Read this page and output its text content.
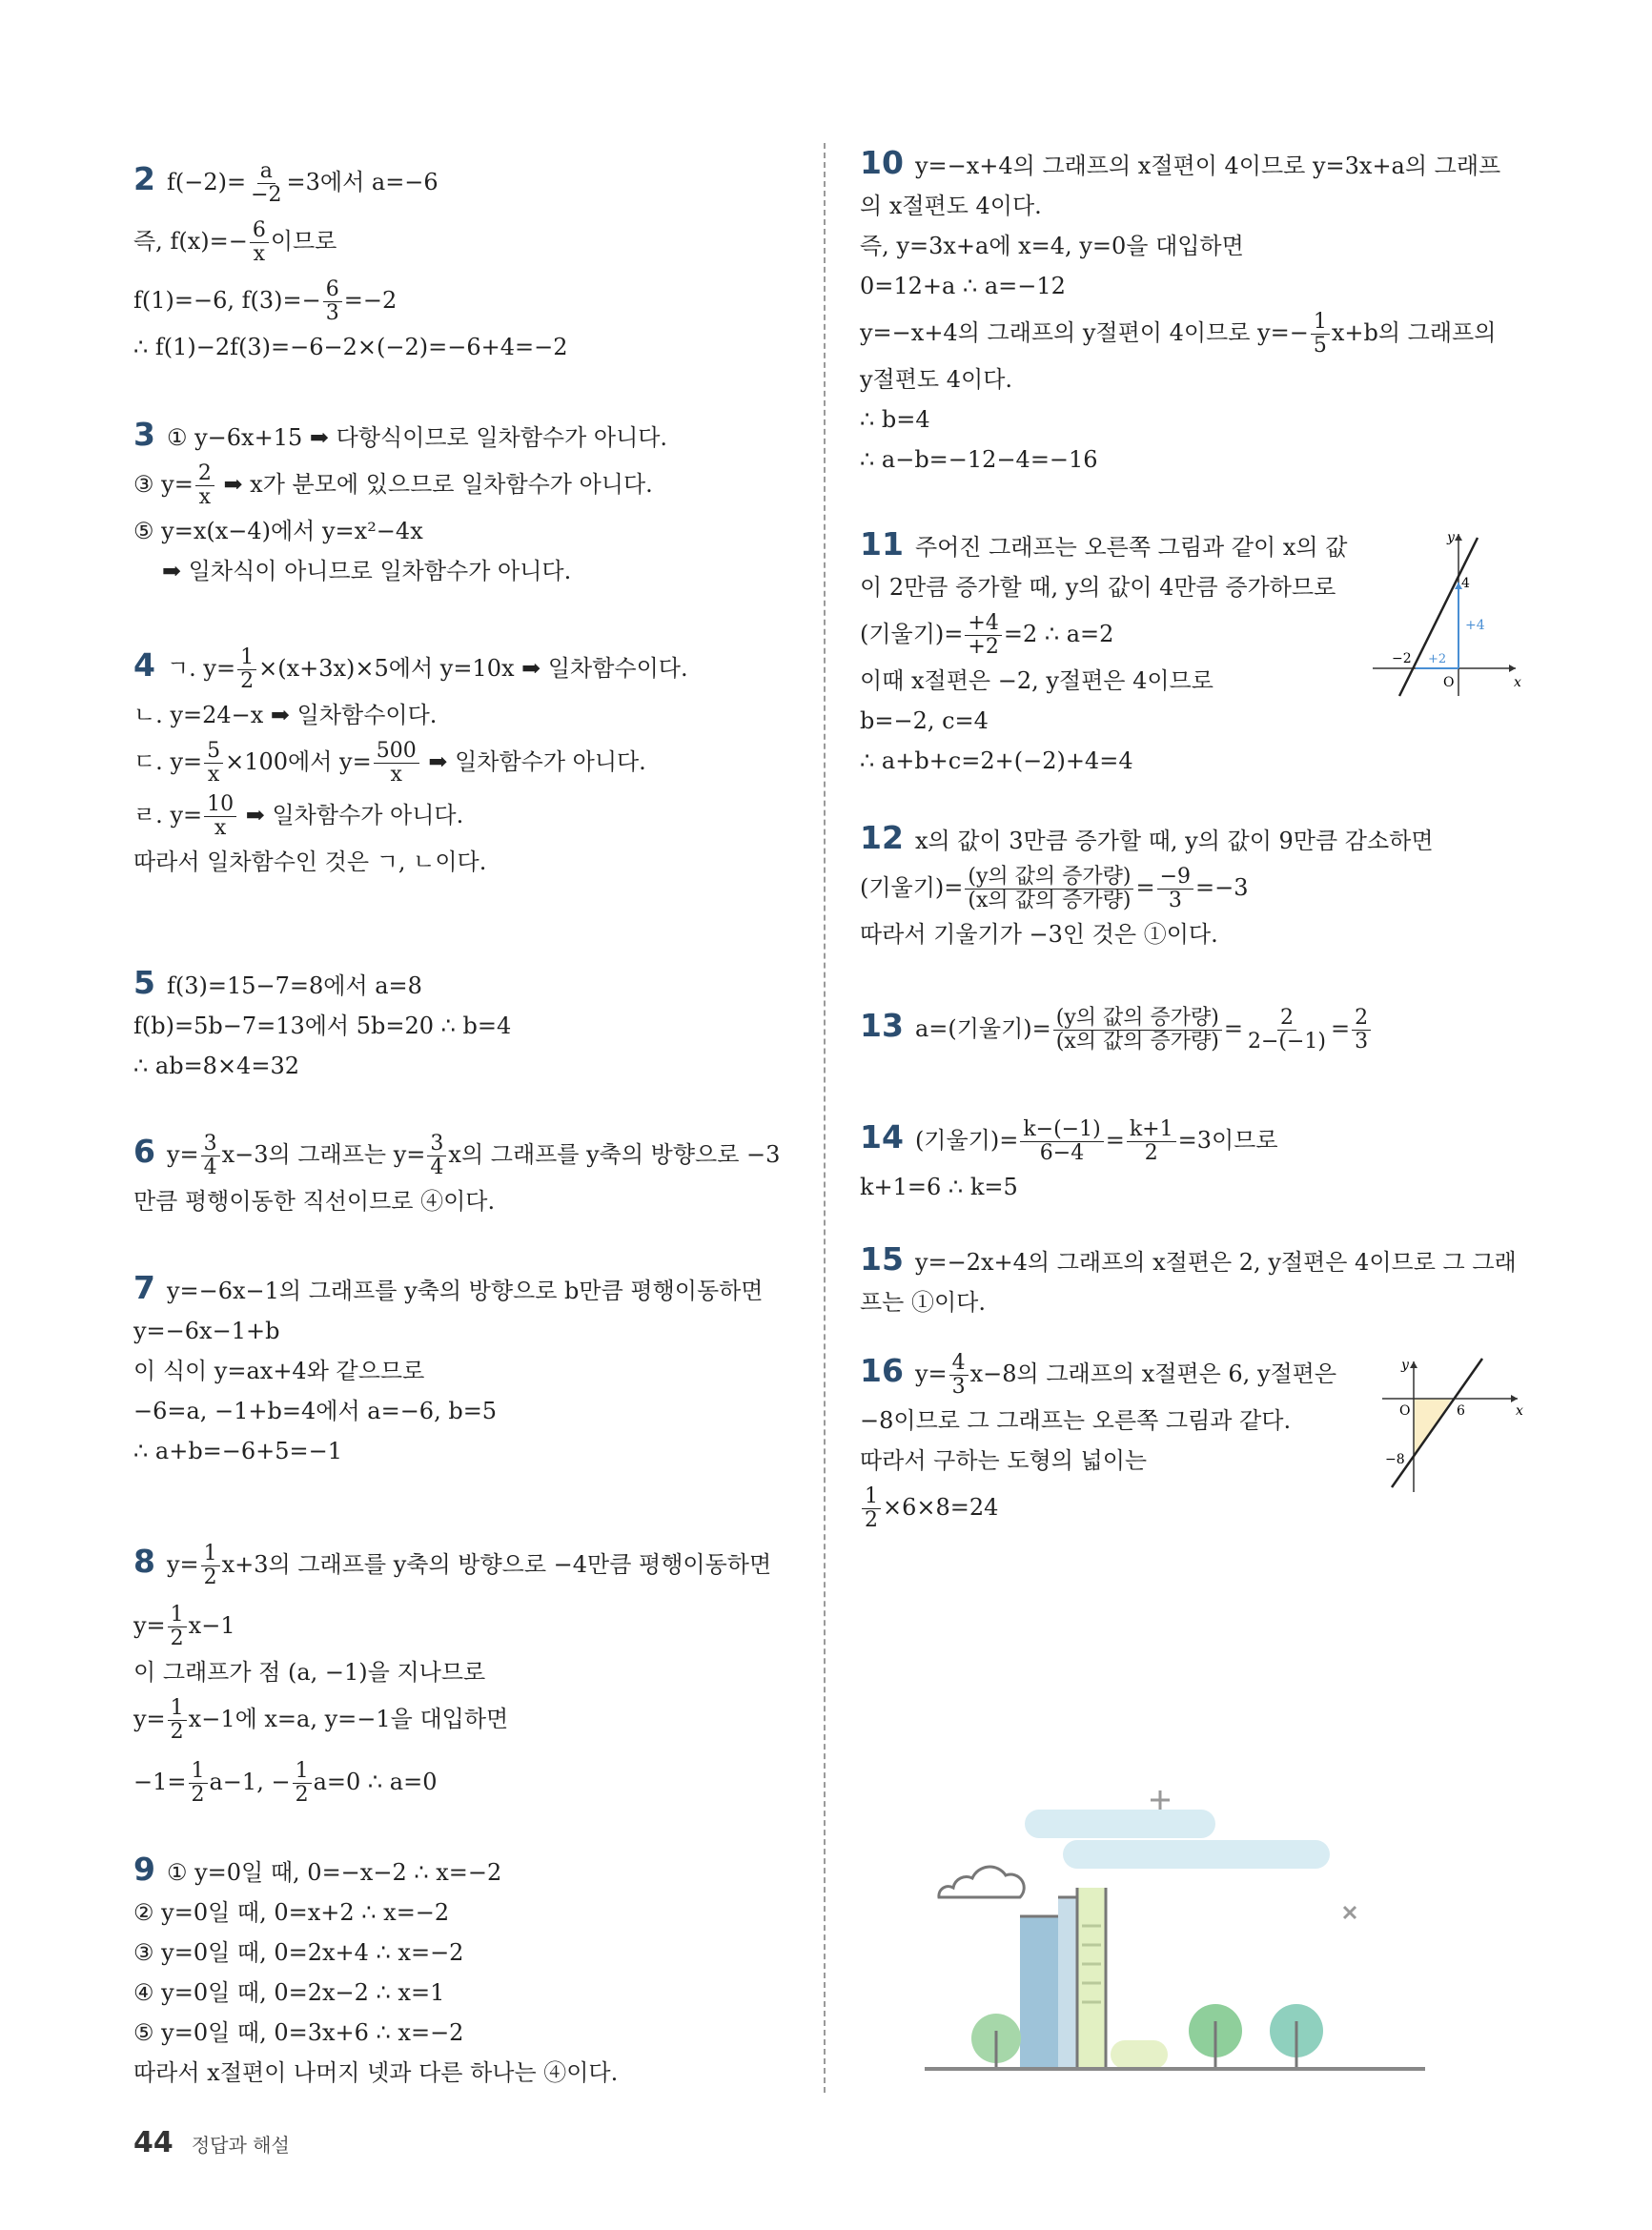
2 $f(-2)= \frac{a}{-2} =3$에서 a=−6
즉, $f(x)=- \frac{6}{x}$ 이므로
f(1)=−6, $f(3)=- \frac{6}{3} =-2$
∴ f(1)−2f(3)=−6−2×(−2)=−6+4=−2
3 ① y−6x+15 ➡ 다항식이므로 일차함수가 아니다.
③ $y= \frac{2}{x}$ ➡ x가 분모에 있으므로 일차함수가 아니다.
⑤ y=x(x−4)에서 y=x²−4x
➡ 일차식이 아니므로 일차함수가 아니다.
4 ㄱ. $y= \frac{1}{2} \times(x+3x)\times 5$에서 y=10x ➡ 일차함수이다.
ㄴ. y=24−x ➡ 일차함수이다.
ㄷ. $y= \frac{5}{x} \times 100$에서 $y= \frac{500}{x}$ ➡ 일차함수가 아니다.
ㄹ. $y= \frac{10}{x}$ ➡ 일차함수가 아니다.
따라서 일차함수인 것은 ㄱ, ㄴ이다.
5 f(3)=15−7=8에서 a=8
f(b)=5b−7=13에서 5b=20 ∴ b=4
∴ ab=8×4=32
6 $y= \frac{3}{4} x-3$의 그래프는 $y= \frac{3}{4}$ x의 그래프를 y축의 방향으로 −3
만큼 평행이동한 직선이므로 ④이다.
7 y=−6x−1의 그래프를 y축의 방향으로 b만큼 평행이동하면
y=−6x−1+b
이 식이 y=ax+4와 같으므로
−6=a, −1+b=4에서 a=−6, b=5
∴ a+b=−6+5=−1
8 $y= \frac{1}{2} x+3$의 그래프를 y축의 방향으로 −4만큼 평행이동하면
$y= \frac{1}{2} x-1$
이 그래프가 점 (a, −1)을 지나므로
$y= \frac{1}{2} x-1$에 x=a, y=−1을 대입하면
$-1= \frac{1}{2} a-1$, − $\frac{1}{2} a=0$ ∴ a=0
9 ① y=0일 때, 0=−x−2 ∴ x=−2
② y=0일 때, 0=x+2 ∴ x=−2
③ y=0일 때, 0=2x+4 ∴ x=−2
④ y=0일 때, 0=2x−2 ∴ x=1
⑤ y=0일 때, 0=3x+6 ∴ x=−2
따라서 x절편이 나머지 넷과 다른 하나는 ④이다.
10 y=−x+4의 그래프의 x절편이 4이므로 y=3x+a의 그래프
의 x절편도 4이다.
즉, y=3x+a에 x=4, y=0을 대입하면
0=12+a ∴ a=−12
y=−x+4의 그래프의 y절편이 4이므로 $y=- \frac{1}{5} x+b$의 그래프의
y절편도 4이다.
∴ b=4
∴ a−b=−12−4=−16
11 주어진 그래프는 오른쪽 그림과 같이 x의 값
이 2만큼 증가할 때, y의 값이 4만큼 증가하므로
(기울기)= $\frac{+4}{+2} =2$ ∴ a=2
이때 x절편은 −2, y절편은 4이므로
b=−2, c=4
∴ a+b+c=2+(−2)+4=4
12 x의 값이 3만큼 증가할 때, y의 값이 9만큼 감소하면
(기울기)= $\frac{\text{(y의 값의 증가량)}}{\text{(x의 값의 증가량)}} = \frac{-9}{3} =-3$
따라서 기울기가 −3인 것은 ①이다.
13 a=(기울기)= $\frac{\text{(y의 값의 증가량)}}{\text{(x의 값의 증가량)}} = \frac{2}{2-(-1)} = \frac{2}{3}$
14 (기울기)= $\frac{k-(-1)}{6-4} = \frac{k+1}{2} =3$이므로
k+1=6 ∴ k=5
15 y=−2x+4의 그래프의 x절편은 2, y절편은 4이므로 그 그래
프는 ①이다.
16 $y= \frac{4}{3} x-8$의 그래프의 x절편은 6, y절편은
−8이므로 그 그래프는 오른쪽 그림과 같다.
따라서 구하는 도형의 넓이는
$\frac{1}{2} \times 6\times 8=24$
y
x
4
−2
O
+4
+2
y
x
O	6
−8
44 정답과 해설
